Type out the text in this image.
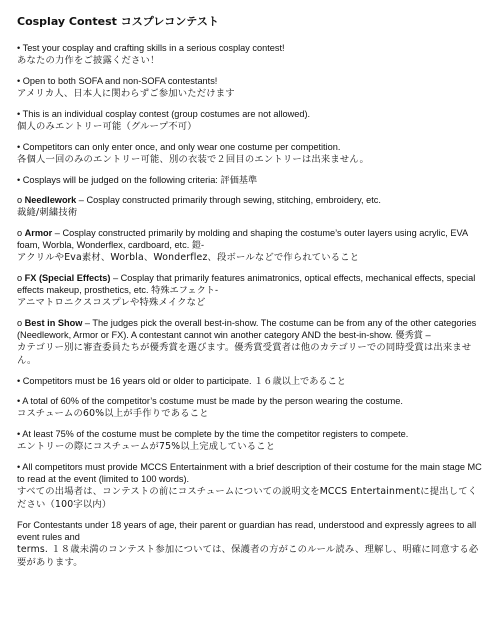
Cosplay Contest コスプレコンテスト
• Test your cosplay and crafting skills in a serious cosplay contest!
あなたの力作をご披露ください！
• Open to both SOFA and non-SOFA contestants!
アメリカ人、日本人に関わらずご参加いただけます
• This is an individual cosplay contest (group costumes are not allowed).
個人のみエントリー可能（グループ不可）
• Competitors can only enter once, and only wear one costume per competition.
各個人一回のみのエントリー可能、別の衣装で２回目のエントリーは出来ません。
• Cosplays will be judged on the following criteria: 評価基準
o Needlework – Cosplay constructed primarily through sewing, stitching, embroidery, etc.
裁縫/刺繍技術
o Armor – Cosplay constructed primarily by molding and shaping the costume’s outer layers using acrylic, EVA foam, Worbla, Wonderflex, cardboard, etc. 鎧-
アクリルやEva素材、Worbla、Wonderflez、段ボールなどで作られていること
o FX (Special Effects) – Cosplay that primarily features animatronics, optical effects, mechanical effects, special effects makeup, prosthetics, etc. 特殊エフェクト-
アニマトロニクスコスプレや特殊メイクなど
o Best in Show – The judges pick the overall best-in-show. The costume can be from any of the other categories (Needlework, Armor or FX). A contestant cannot win another category AND the best-in-show. 優秀賞 –
カテゴリー別に審査委員たちが優秀賞を選びます。優秀賞受賞者は他のカテゴリーでの同時受賞は出来ません。
• Competitors must be 16 years old or older to participate. １６歳以上であること
• A total of 60% of the competitor’s costume must be made by the person wearing the costume.
コスチュームの60%以上が手作りであること
• At least 75% of the costume must be complete by the time the competitor registers to compete.
エントリーの際にコスチュームが75%以上完成していること
• All competitors must provide MCCS Entertainment with a brief description of their costume for the main stage MC to read at the event (limited to 100 words).
すべての出場者は、コンテストの前にコスチュームについての説明文をMCCS Entertainmentに提出してください（100字以内）
For Contestants under 18 years of age, their parent or guardian has read, understood and expressly agrees to all event rules and
terms. １８歳未満のコンテスト参加については、保護者の方がこのルール読み、理解し、明確に同意する必要があります。
